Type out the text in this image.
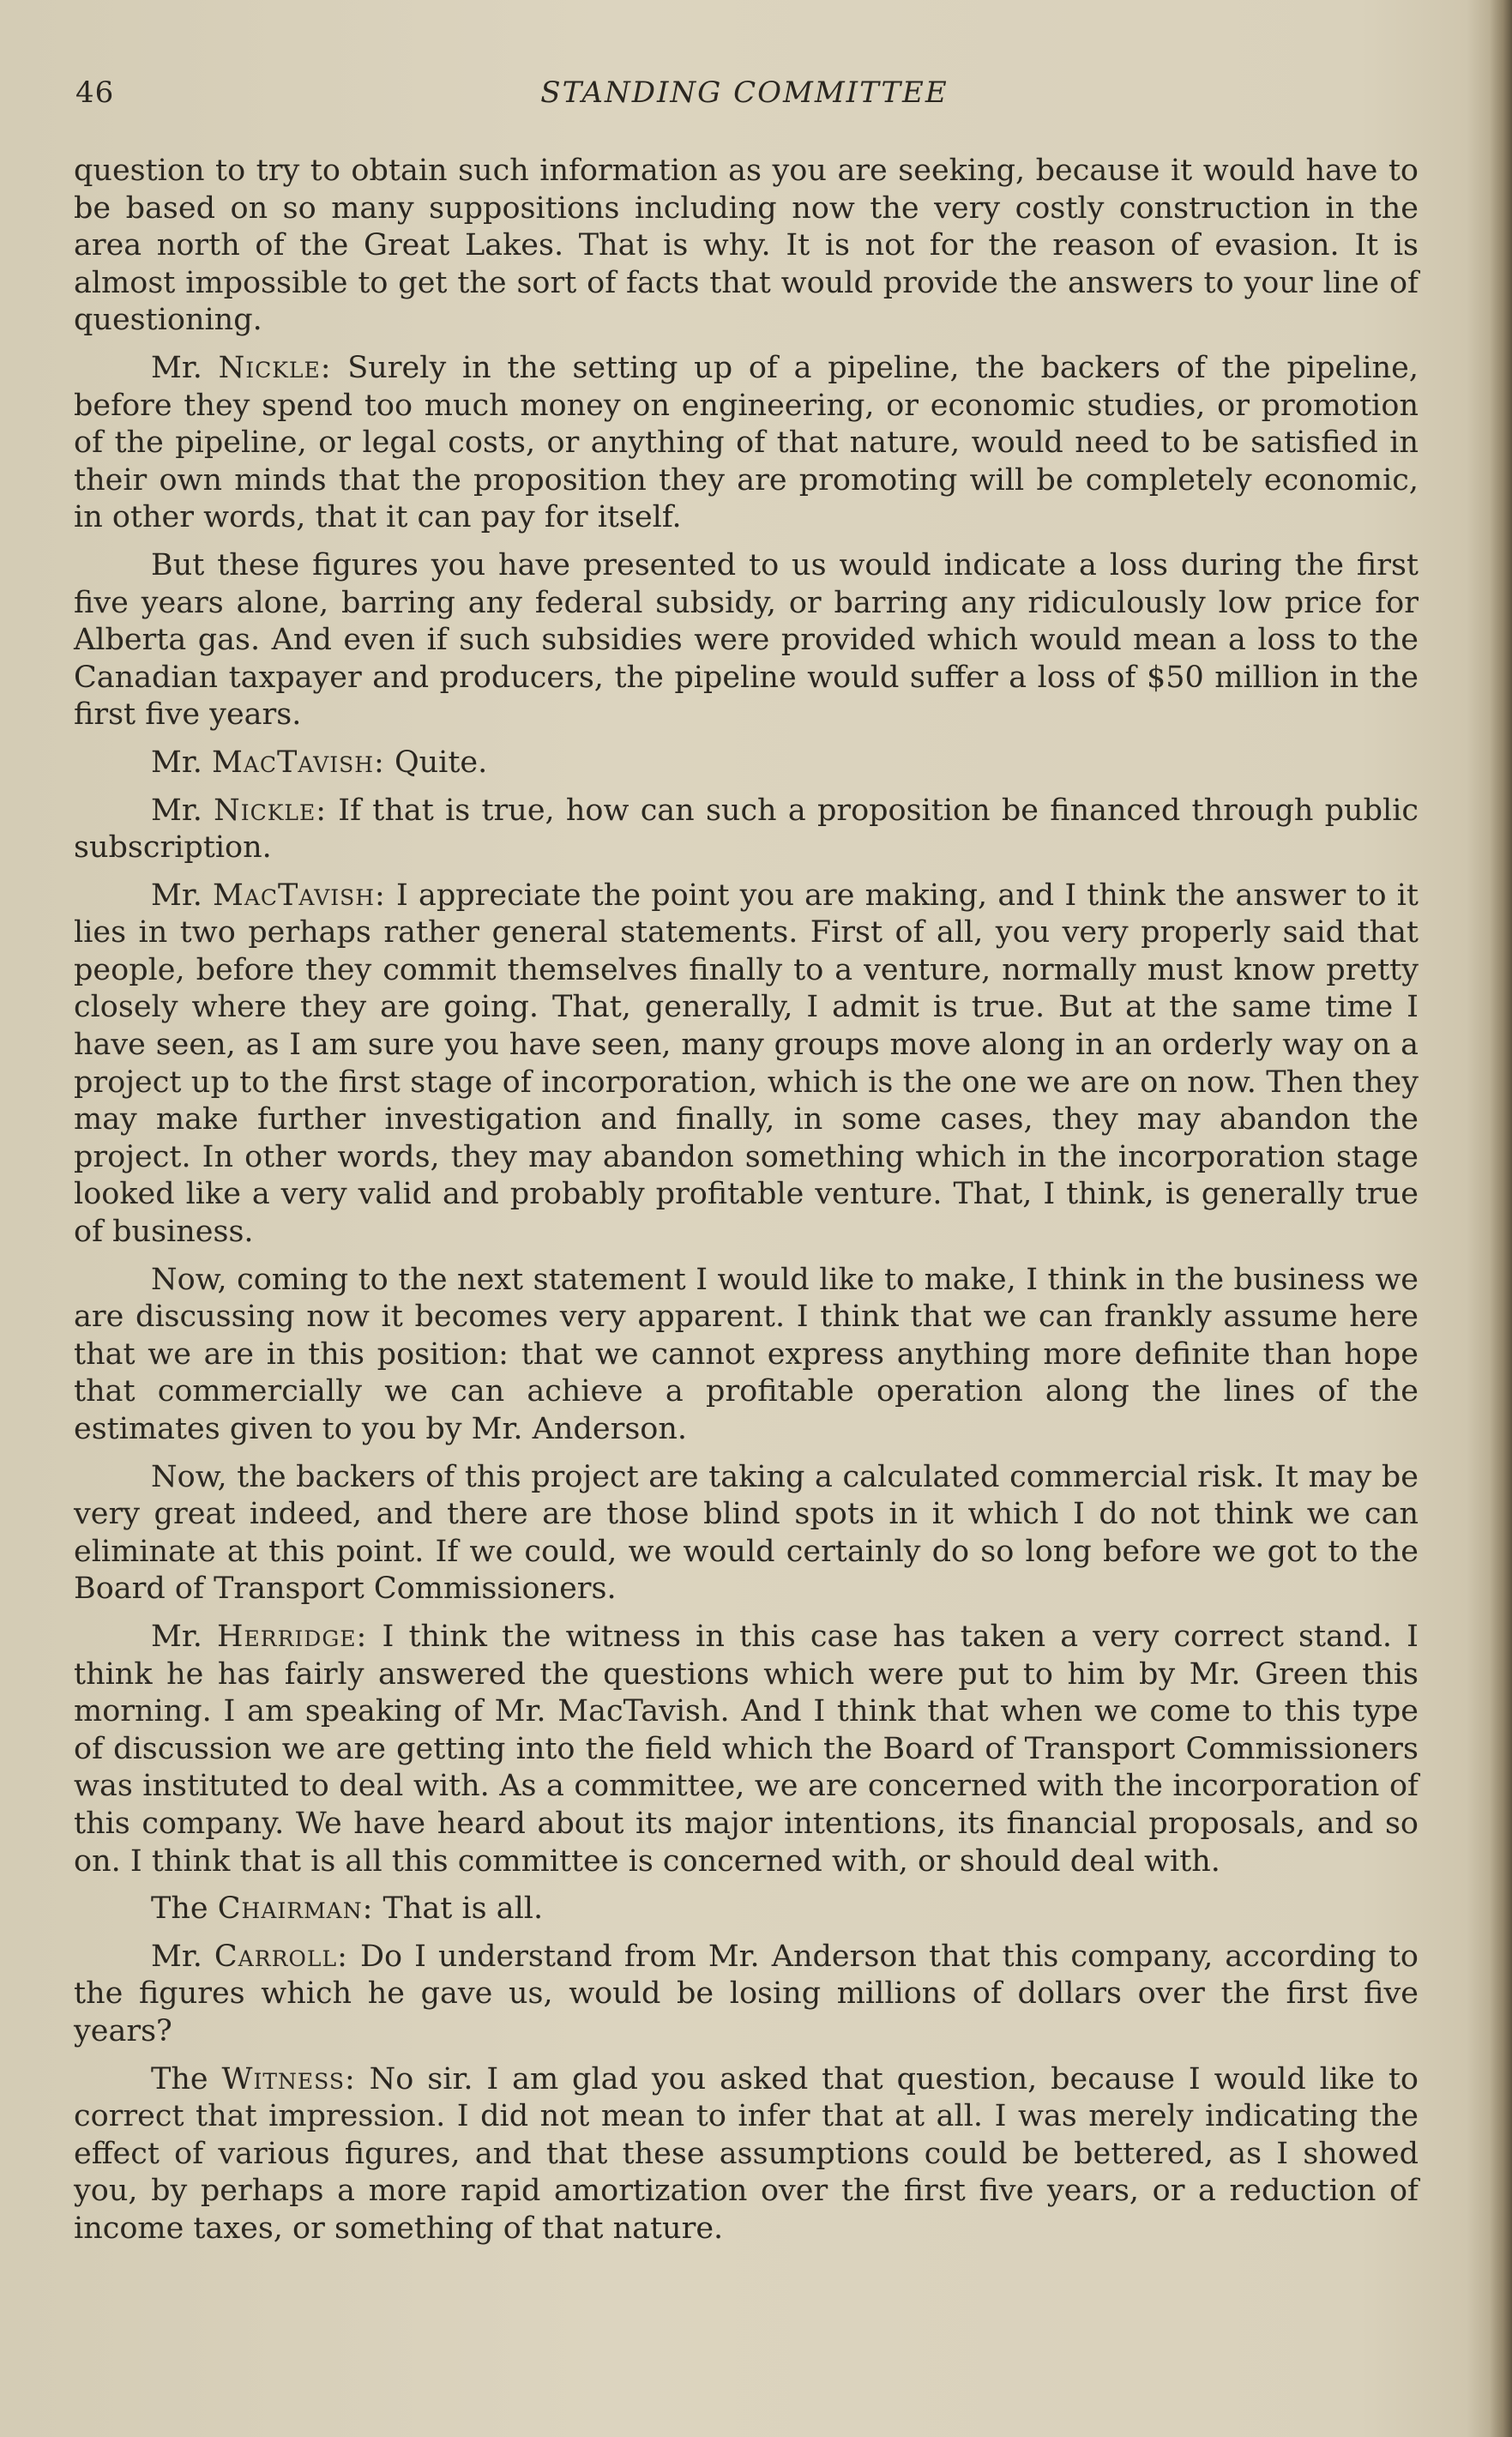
46	STANDING COMMITTEE

question to try to obtain such information as you are seeking, because it would have to be based on so many suppositions including now the very costly construction in the area north of the Great Lakes. That is why. It is not for the reason of evasion. It is almost impossible to get the sort of facts that would provide the answers to your line of questioning.

Mr. Nickle: Surely in the setting up of a pipeline, the backers of the pipeline, before they spend too much money on engineering, or economic studies, or promotion of the pipeline, or legal costs, or anything of that nature, would need to be satisfied in their own minds that the proposition they are promoting will be completely economic, in other words, that it can pay for itself.

But these figures you have presented to us would indicate a loss during the first five years alone, barring any federal subsidy, or barring any ridiculously low price for Alberta gas. And even if such subsidies were provided which would mean a loss to the Canadian taxpayer and producers, the pipeline would suffer a loss of $50 million in the first five years.

Mr. MacTavish: Quite.

Mr. Nickle: If that is true, how can such a proposition be financed through public subscription.

Mr. MacTavish: I appreciate the point you are making, and I think the answer to it lies in two perhaps rather general statements. First of all, you very properly said that people, before they commit themselves finally to a venture, normally must know pretty closely where they are going. That, generally, I admit is true. But at the same time I have seen, as I am sure you have seen, many groups move along in an orderly way on a project up to the first stage of incorporation, which is the one we are on now. Then they may make further investigation and finally, in some cases, they may abandon the project. In other words, they may abandon something which in the incorporation stage looked like a very valid and probably profitable venture. That, I think, is generally true of business.

Now, coming to the next statement I would like to make, I think in the business we are discussing now it becomes very apparent. I think that we can frankly assume here that we are in this position: that we cannot express anything more definite than hope that commercially we can achieve a profitable operation along the lines of the estimates given to you by Mr. Anderson.

Now, the backers of this project are taking a calculated commercial risk. It may be very great indeed, and there are those blind spots in it which I do not think we can eliminate at this point. If we could, we would certainly do so long before we got to the Board of Transport Commissioners.

Mr. Herridge: I think the witness in this case has taken a very correct stand. I think he has fairly answered the questions which were put to him by Mr. Green this morning. I am speaking of Mr. MacTavish. And I think that when we come to this type of discussion we are getting into the field which the Board of Transport Commissioners was instituted to deal with. As a committee, we are concerned with the incorporation of this company. We have heard about its major intentions, its financial proposals, and so on. I think that is all this committee is concerned with, or should deal with.

The Chairman: That is all.

Mr. Carroll: Do I understand from Mr. Anderson that this company, according to the figures which he gave us, would be losing millions of dollars over the first five years?

The Witness: No sir. I am glad you asked that question, because I would like to correct that impression. I did not mean to infer that at all. I was merely indicating the effect of various figures, and that these assumptions could be bettered, as I showed you, by perhaps a more rapid amortization over the first five years, or a reduction of income taxes, or something of that nature.
